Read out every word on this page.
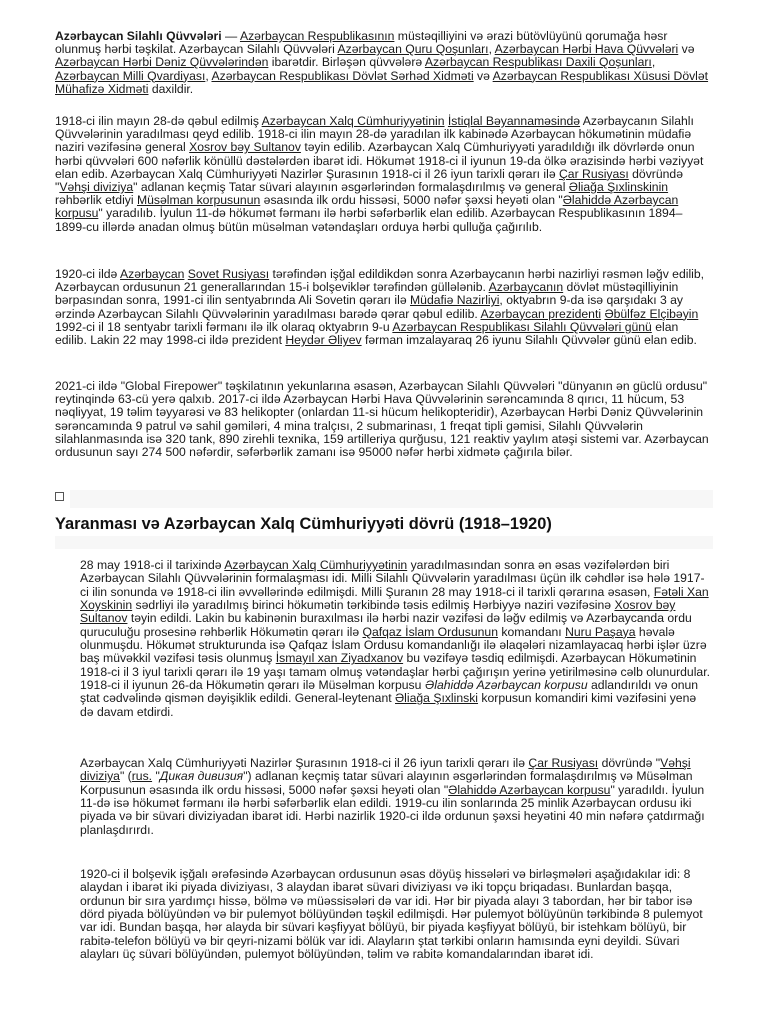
Azərbaycan Silahlı Qüvvələri — Azərbaycan Respublikasının müstəqilliyini və ərazi bütövlüyünü qorumağa həsr olunmuş hərbi təşkilat. Azərbaycan Silahlı Qüvvələri Azərbaycan Quru Qoşunları, Azərbaycan Hərbi Hava Qüvvələri və Azərbaycan Hərbi Dəniz Qüvvələrindən ibarətdir. Birləşən qüvvələrə Azərbaycan Respublikası Daxili Qoşunları, Azərbaycan Milli Qvardiyası, Azərbaycan Respublikası Dövlət Sərhəd Xidməti və Azərbaycan Respublikası Xüsusi Dövlət Mühafizə Xidməti daxildir.

1918-ci ilin mayın 28-də qəbul edilmiş Azərbaycan Xalq Cümhuriyyətinin İstiqlal Bəyannaməsində Azərbaycanın Silahlı Qüvvələrinin yaradılması qeyd edilib. 1918-ci ilin mayın 28-də yaradılan ilk kabinədə Azərbaycan hökumətinin müdafiə naziri vəzifəsinə general Xosrov bəy Sultanov təyin edilib. Azərbaycan Xalq Cümhuriyyəti yaradıldığı ilk dövrlərdə onun hərbi qüvvələri 600 nəfərlik könüllü dəstələrdən ibarət idi. Hökumət 1918-ci il iyunun 19-da ölkə ərazisində hərbi vəziyyət elan edib. Azərbaycan Xalq Cümhuriyyəti Nazirlər Şurasının 1918-ci il 26 iyun tarixli qərarı ilə Çar Rusiyası dövründə "Vəhşi diviziya" adlanan keçmiş Tatar süvari alayının əsgərlərindən formalaşdırılmış və general Əliağa Şıxlinskinin rəhbərlik etdiyi Müsəlman korpusunun əsasında ilk ordu hissəsi, 5000 nəfər şəxsi heyəti olan "Əlahiddə Azərbaycan korpusu" yaradılıb. İyulun 11-də hökumət fərmanı ilə hərbi səfərbərlik elan edilib. Azərbaycan Respublikasının 1894–1899-cu illərdə anadan olmuş bütün müsəlman vətəndaşları orduya hərbi qulluğa çağırılıb.

1920-ci ildə Azərbaycan Sovet Rusiyası tərəfindən işğal edildikdən sonra Azərbaycanın hərbi nazirliyi rəsmən ləğv edilib, Azərbaycan ordusunun 21 generallarından 15-i bolşeviklər tərəfindən güllələnib. Azərbaycanın dövlət müstəqilliyinin bərpasından sonra, 1991-ci ilin sentyabrında Ali Sovetin qərarı ilə Müdafiə Nazirliyi, oktyabrın 9-da isə qarşıdakı 3 ay ərzində Azərbaycan Silahlı Qüvvələrinin yaradılması barədə qərar qəbul edilib. Azərbaycan prezidenti Əbülfəz Elçibəyin 1992-ci il 18 sentyabr tarixli fərmanı ilə ilk olaraq oktyabrın 9-u Azərbaycan Respublikası Silahlı Qüvvələri günü elan edilib. Lakin 22 may 1998-ci ildə prezident Heydər Əliyev fərman imzalayaraq 26 iyunu Silahlı Qüvvələr günü elan edib.

2021-ci ildə "Global Firepower" təşkilatının yekunlarına əsasən, Azərbaycan Silahlı Qüvvələri "dünyanın ən güclü ordusu" reytinqində 63-cü yerə qalxıb. 2017-ci ildə Azərbaycan Hərbi Hava Qüvvələrinin sərəncamında 8 qırıcı, 11 hücum, 53 nəqliyyat, 19 təlim təyyarəsi və 83 helikopter (onlardan 11-si hücum helikopteridir), Azərbaycan Hərbi Dəniz Qüvvələrinin sərəncamında 9 patrul və sahil gəmiləri, 4 mina tralçısı, 2 submarinası, 1 freqat tipli gəmisi, Silahlı Qüvvələrin silahlanmasında isə 320 tank, 890 zirehli texnika, 159 artilleriya qurğusu, 121 reaktiv yaylım atəşi sistemi var. Azərbaycan ordusunun sayı 274 500 nəfərdir, səfərbərlik zamanı isə 95000 nəfər hərbi xidmətə çağırıla bilər.

Yaranması və Azərbaycan Xalq Cümhuriyyəti dövrü (1918–1920)

28 may 1918-ci il tarixində Azərbaycan Xalq Cümhuriyyətinin yaradılmasından sonra ən əsas vəzifələrdən biri Azərbaycan Silahlı Qüvvələrinin formalaşması idi. Milli Silahlı Qüvvələrin yaradılması üçün ilk cəhdlər isə hələ 1917-ci ilin sonunda və 1918-ci ilin əvvəllərində edilmişdi. Milli Şuranın 28 may 1918-ci il tarixli qərarına əsasən, Fətəli Xan Xoyskinin sədrliyi ilə yaradılmış birinci hökumətin tərkibində təsis edilmiş Hərbiyyə naziri vəzifəsinə Xosrov bəy Sultanov təyin edildi. Lakin bu kabinənin buraxılması ilə hərbi nazir vəzifəsi də ləğv edilmiş və Azərbaycanda ordu quruculuğu prosesinə rəhbərlik Hökumətin qərarı ilə Qafqaz İslam Ordusunun komandanı Nuru Paşaya həvalə olunmuşdu. Hökumət strukturunda isə Qafqaz İslam Ordusu komandanlığı ilə əlaqələri nizamlayacaq hərbi işlər üzrə baş müvəkkil vəzifəsi təsis olunmuş İsmayıl xan Ziyadxanov bu vəzifəyə təsdiq edilmişdi. Azərbaycan Hökumətinin 1918-ci il 3 iyul tarixli qərarı ilə 19 yaşı tamam olmuş vətəndaşlar hərbi çağırışın yerinə yetirilməsinə cəlb olunurdular. 1918-ci il iyunun 26-da Hökumətin qərarı ilə Müsəlman korpusu Əlahiddə Azərbaycan korpusu adlandırıldı və onun ştat cədvəlində qismən dəyişiklik edildi. General-leytenant Əliağa Şıxlinski korpusun komandiri kimi vəzifəsini yenə də davam etdirdi.

Azərbaycan Xalq Cümhuriyyəti Nazirlər Şurasının 1918-ci il 26 iyun tarixli qərarı ilə Çar Rusiyası dövründə "Vəhşi diviziya" (rus. "Дикая дивизия") adlanan keçmiş tatar süvari alayının əsgərlərindən formalaşdırılmış və Müsəlman Korpusunun əsasında ilk ordu hissəsi, 5000 nəfər şəxsi heyəti olan "Əlahiddə Azərbaycan korpusu" yaradıldı. İyulun 11-də isə hökumət fərmanı ilə hərbi səfərbərlik elan edildi. 1919-cu ilin sonlarında 25 minlik Azərbaycan ordusu iki piyada və bir süvari diviziyadan ibarət idi. Hərbi nazirlik 1920-ci ildə ordunun şəxsi heyətini 40 min nəfərə çatdırmağı planlaşdırırdı.

1920-ci il bolşevik işğalı ərəfəsində Azərbaycan ordusunun əsas döyüş hissələri və birləşmələri aşağıdakılar idi: 8 alaydan i ibarət iki piyada diviziyası, 3 alaydan ibarət süvari diviziyası və iki topçu briqadası. Bunlardan başqa, ordunun bir sıra yardımçı hissə, bölmə və müəssisələri də var idi. Hər bir piyada alayı 3 tabordan, hər bir tabor isə dörd piyada bölüyündən və bir pulemyot bölüyündən təşkil edilmişdi. Hər pulemyot bölüyünün tərkibində 8 pulemyot var idi. Bundan başqa, hər alayda bir süvari kəşfiyyat bölüyü, bir piyada kəşfiyyat bölüyü, bir istehkam bölüyü, bir rabitə-telefon bölüyü və bir qeyri-nizami bölük var idi. Alayların ştat tərkibi onların hamısında eyni deyildi. Süvari alayları üç süvari bölüyündən, pulemyot bölüyündən, təlim və rabitə komandalarından ibarət idi.
